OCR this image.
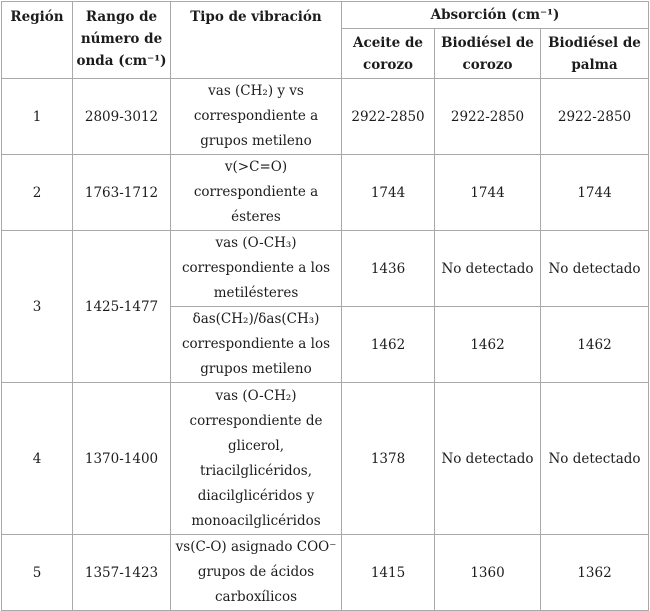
Región	Rango de número de onda (cm⁻¹)	Tipo de vibración	Absorción (cm⁻¹)		
			Aceite de corozo	Biodiésel de corozo	Biodiésel de palma
1	2809-3012	vas (CH₂) y vs correspondiente a grupos metileno	2922-2850	2922-2850	2922-2850
2	1763-1712	v(>C=O) correspondiente a ésteres	1744	1744	1744
3	1425-1477	vas (O-CH₃) correspondiente a los metilésteres	1436	No detectado	No detectado
		δas(CH₂)/δas(CH₃) correspondiente a los grupos metileno	1462	1462	1462
4	1370-1400	vas (O-CH₂) correspondiente de glicerol, triacilglicéridos, diacilglicéridos y monoacilglicéridos	1378	No detectado	No detectado
5	1357-1423	vs(C-O) asignado COO⁻ grupos de ácidos carboxílicos	1415	1360	1362
